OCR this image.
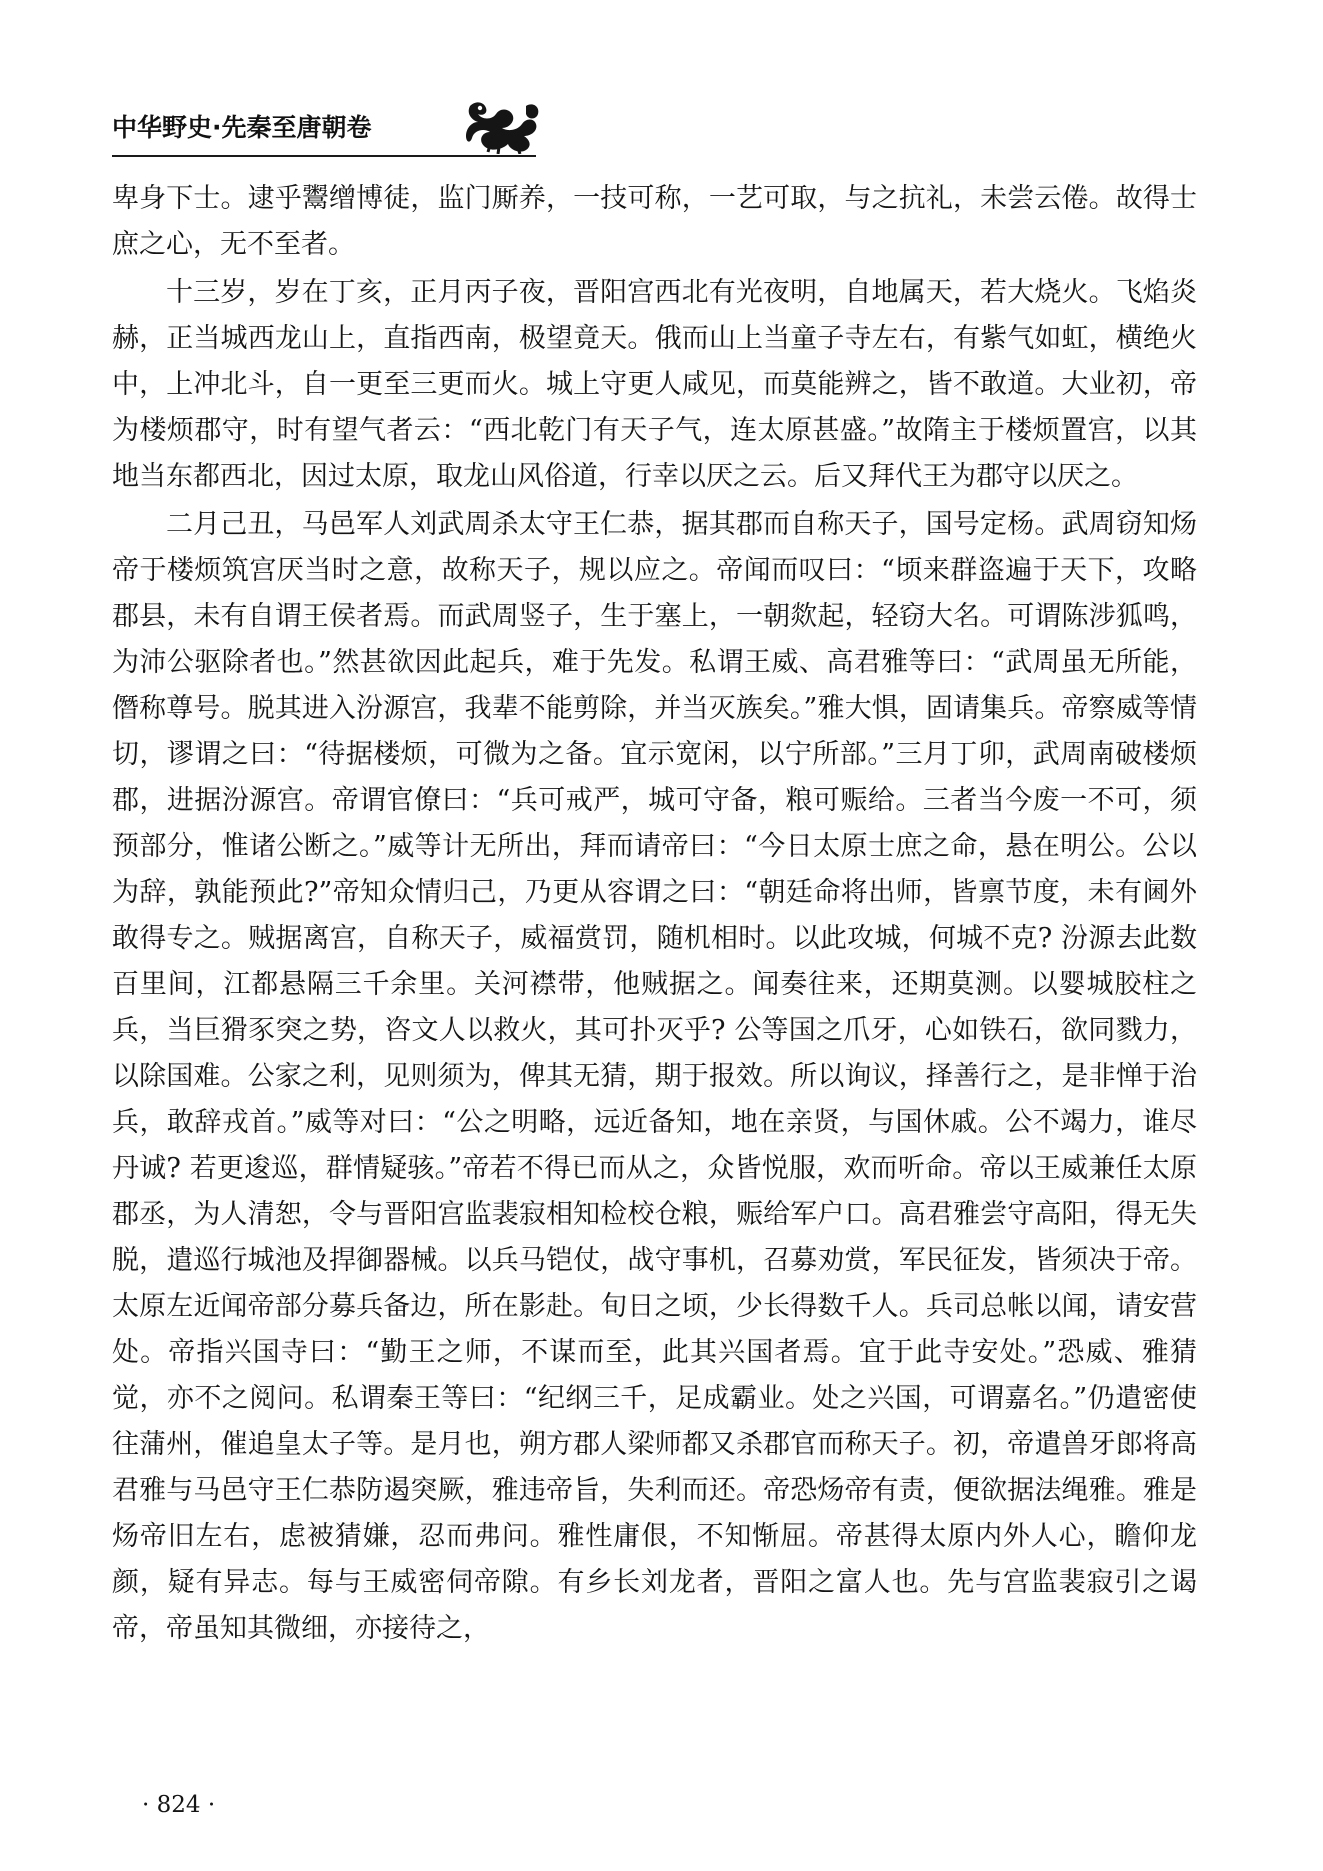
中华野史·先秦至唐朝卷

卑身下士。逮乎鬻缯博徒，监门厮养，一技可称，一艺可取，与之抗礼，未尝云倦。故得士庶之心，无不至者。

十三岁，岁在丁亥，正月丙子夜，晋阳宫西北有光夜明，自地属天，若大烧火。飞焰炎赫，正当城西龙山上，直指西南，极望竟天。俄而山上当童子寺左右，有紫气如虹，横绝火中，上冲北斗，自一更至三更而火。城上守更人咸见，而莫能辨之，皆不敢道。大业初，帝为楼烦郡守，时有望气者云：“西北乾门有天子气，连太原甚盛。”故隋主于楼烦置宫，以其地当东都西北，因过太原，取龙山风俗道，行幸以厌之云。后又拜代王为郡守以厌之。

二月己丑，马邑军人刘武周杀太守王仁恭，据其郡而自称天子，国号定杨。武周窃知炀帝于楼烦筑宫厌当时之意，故称天子，规以应之。帝闻而叹曰：“顷来群盗遍于天下，攻略郡县，未有自谓王侯者焉。而武周竖子，生于塞上，一朝欻起，轻窃大名。可谓陈涉狐鸣，为沛公驱除者也。”然甚欲因此起兵，难于先发。私谓王威、高君雅等曰：“武周虽无所能，僭称尊号。脱其进入汾源宫，我辈不能剪除，并当灭族矣。”雅大惧，固请集兵。帝察威等情切，谬谓之曰：“待据楼烦，可微为之备。宜示宽闲，以宁所部。”三月丁卯，武周南破楼烦郡，进据汾源宫。帝谓官僚曰：“兵可戒严，城可守备，粮可赈给。三者当今废一不可，须预部分，惟诸公断之。”威等计无所出，拜而请帝曰：“今日太原士庶之命，悬在明公。公以为辞，孰能预此?”帝知众情归己，乃更从容谓之曰：“朝廷命将出师，皆禀节度，未有阃外敢得专之。贼据离宫，自称天子，威福赏罚，随机相时。以此攻城，何城不克? 汾源去此数百里间，江都悬隔三千余里。关河襟带，他贼据之。闻奏往来，还期莫测。以婴城胶柱之兵，当巨猾豕突之势，咨文人以救火，其可扑灭乎? 公等国之爪牙，心如铁石，欲同戮力，以除国难。公家之利，见则须为，俾其无猜，期于报效。所以询议，择善行之，是非惮于治兵，敢辞戎首。”威等对曰：“公之明略，远近备知，地在亲贤，与国休戚。公不竭力，谁尽丹诚? 若更逡巡，群情疑骇。”帝若不得已而从之，众皆悦服，欢而听命。帝以王威兼任太原郡丞，为人清恕，令与晋阳宫监裴寂相知检校仓粮，赈给军户口。高君雅尝守高阳，得无失脱，遣巡行城池及捍御器械。以兵马铠仗，战守事机，召募劝赏，军民征发，皆须决于帝。太原左近闻帝部分募兵备边，所在影赴。旬日之顷，少长得数千人。兵司总帐以闻，请安营处。帝指兴国寺曰：“勤王之师，不谋而至，此其兴国者焉。宜于此寺安处。”恐威、雅猜觉，亦不之阅问。私谓秦王等曰：“纪纲三千，足成霸业。处之兴国，可谓嘉名。”仍遣密使往蒲州，催追皇太子等。是月也，朔方郡人梁师都又杀郡官而称天子。初，帝遣兽牙郎将高君雅与马邑守王仁恭防遏突厥，雅违帝旨，失利而还。帝恐炀帝有责，便欲据法绳雅。雅是炀帝旧左右，虑被猜嫌，忍而弗问。雅性庸佷，不知惭屈。帝甚得太原内外人心，瞻仰龙颜，疑有异志。每与王威密伺帝隙。有乡长刘龙者，晋阳之富人也。先与宫监裴寂引之谒帝，帝虽知其微细，亦接待之，

· 824 ·
